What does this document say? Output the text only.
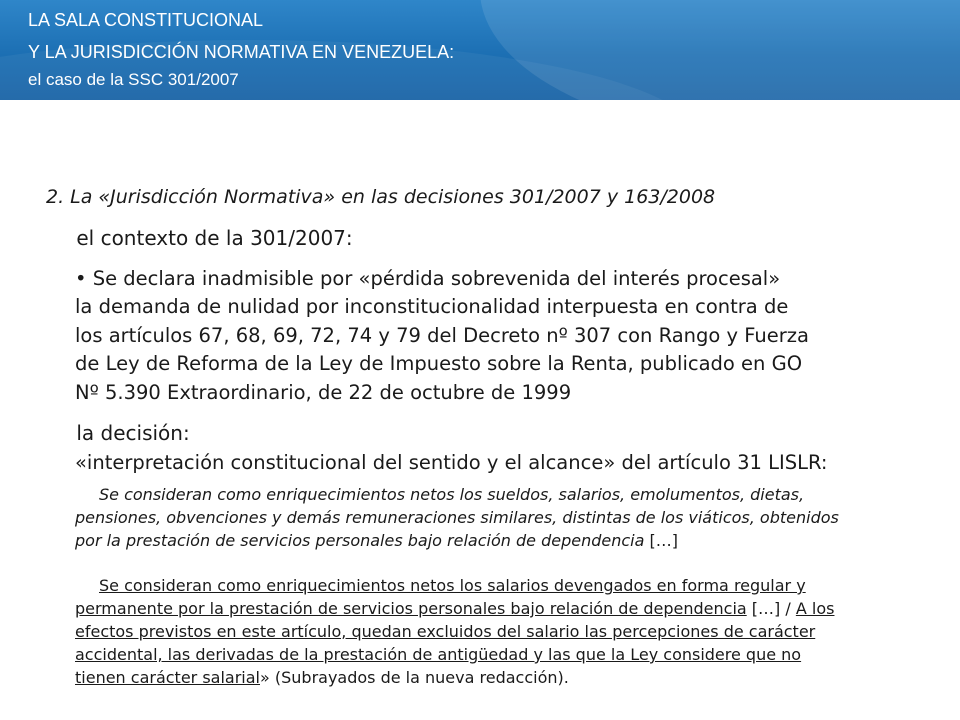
LA SALA CONSTITUCIONAL
Y LA JURISDICCIÓN NORMATIVA EN VENEZUELA:
el caso de la SSC 301/2007
2. La «Jurisdicción Normativa» en las decisiones 301/2007 y 163/2008
el contexto de la 301/2007:
• Se declara inadmisible por «pérdida sobrevenida del interés procesal»
la demanda de nulidad por inconstitucionalidad interpuesta en contra de
los artículos 67, 68, 69, 72, 74 y 79 del Decreto nº 307 con Rango y Fuerza
de Ley de Reforma de la Ley de Impuesto sobre la Renta, publicado en GO
Nº 5.390 Extraordinario, de 22 de octubre de 1999
la decisión:
«interpretación constitucional del sentido y el alcance» del artículo 31 LISLR:
Se consideran como enriquecimientos netos los sueldos, salarios, emolumentos, dietas,
pensiones, obvenciones y demás remuneraciones similares, distintas de los viáticos, obtenidos
por la prestación de servicios personales bajo relación de dependencia […]
Se consideran como enriquecimientos netos los salarios devengados en forma regular y
permanente por la prestación de servicios personales bajo relación de dependencia […] / A los
efectos previstos en este artículo, quedan excluidos del salario las percepciones de carácter
accidental, las derivadas de la prestación de antigüedad y las que la Ley considere que no
tienen carácter salarial» (Subrayados de la nueva redacción).
